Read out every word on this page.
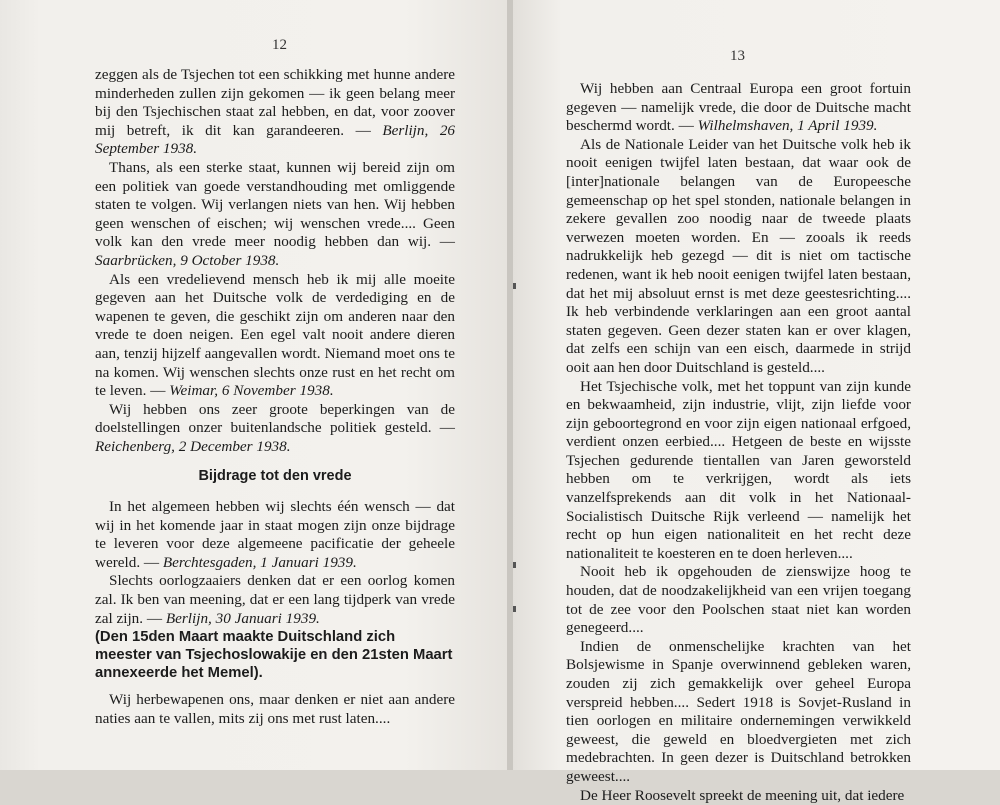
12

zeggen als de Tsjechen tot een schikking met hunne andere minderheden zullen zijn gekomen — ik geen belang meer bij den Tsjechischen staat zal hebben, en dat, voor zoover mij betreft, ik dit kan garandeeren. — Berlijn, 26 September 1938.

Thans, als een sterke staat, kunnen wij bereid zijn om een politiek van goede verstandhouding met omliggende staten te volgen. Wij verlangen niets van hen. Wij hebben geen wenschen of eischen; wij wenschen vrede.... Geen volk kan den vrede meer noodig hebben dan wij. — Saarbrücken, 9 October 1938.

Als een vredelievend mensch heb ik mij alle moeite gegeven aan het Duitsche volk de verdediging en de wapenen te geven, die geschikt zijn om anderen naar den vrede te doen neigen. Een egel valt nooit andere dieren aan, tenzij hijzelf aangevallen wordt. Niemand moet ons te na komen. Wij wenschen slechts onze rust en het recht om te leven. — Weimar, 6 November 1938.

Wij hebben ons zeer groote beperkingen van de doelstellingen onzer buitenlandsche politiek gesteld. — Reichenberg, 2 December 1938.

Bijdrage tot den vrede

In het algemeen hebben wij slechts één wensch — dat wij in het komende jaar in staat mogen zijn onze bijdrage te leveren voor deze algemeene pacificatie der geheele wereld. — Berchtesgaden, 1 Januari 1939.

Slechts oorlogzaaiers denken dat er een oorlog komen zal. Ik ben van meening, dat er een lang tijdperk van vrede zal zijn. — Berlijn, 30 Januari 1939.

(Den 15den Maart maakte Duitschland zich meester van Tsjechoslowakije en den 21sten Maart annexeerde het Memel).

Wij herbewapenen ons, maar denken er niet aan andere naties aan te vallen, mits zij ons met rust laten....

13

Wij hebben aan Centraal Europa een groot fortuin gegeven — namelijk vrede, die door de Duitsche macht beschermd wordt. — Wilhelmshaven, 1 April 1939.

Als de Nationale Leider van het Duitsche volk heb ik nooit eenigen twijfel laten bestaan, dat waar ook de [inter]nationale belangen van de Europeesche gemeenschap op het spel stonden, nationale belangen in zekere gevallen zoo noodig naar de tweede plaats verwezen moeten worden. En — zooals ik reeds nadrukkelijk heb gezegd — dit is niet om tactische redenen, want ik heb nooit eenigen twijfel laten bestaan, dat het mij absoluut ernst is met deze geestesrichting.... Ik heb verbindende verklaringen aan een groot aantal staten gegeven. Geen dezer staten kan er over klagen, dat zelfs een schijn van een eisch, daarmede in strijd ooit aan hen door Duitschland is gesteld....

Het Tsjechische volk, met het toppunt van zijn kunde en bekwaamheid, zijn industrie, vlijt, zijn liefde voor zijn geboortegrond en voor zijn eigen nationaal erfgoed, verdient onzen eerbied.... Hetgeen de beste en wijsste Tsjechen gedurende tientallen van Jaren geworsteld hebben om te verkrijgen, wordt als iets vanzelfsprekends aan dit volk in het Nationaal-Socialistisch Duitsche Rijk verleend — namelijk het recht op hun eigen nationaliteit en het recht deze nationaliteit te koesteren en te doen herleven....

Nooit heb ik opgehouden de zienswijze hoog te houden, dat de noodzakelijkheid van een vrijen toegang tot de zee voor den Poolschen staat niet kan worden genegeerd....

Indien de onmenschelijke krachten van het Bolsjewisme in Spanje overwinnend gebleken waren, zouden zij zich gemakkelijk over geheel Europa verspreid hebben.... Sedert 1918 is Sovjet-Rusland in tien oorlogen en militaire ondernemingen verwikkeld geweest, die geweld en bloedvergieten met zich medebrachten. In geen dezer is Duitschland betrokken geweest....

De Heer Roosevelt spreekt de meening uit, dat iedere
